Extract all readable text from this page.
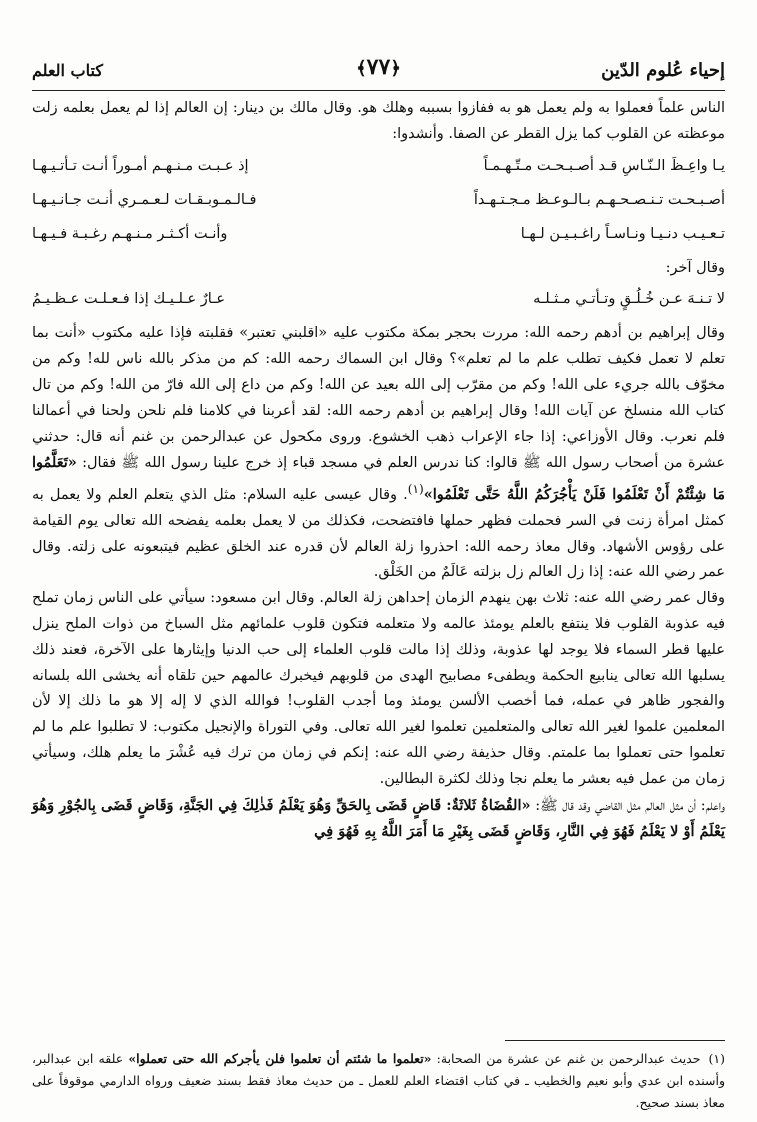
إحياء عُلوم الدّين
﴿٧٧﴾
كتاب العلم

الناس علماً فعملوا به ولم يعمل هو به ففازوا بسببه وهلك هو. وقال مالك بن دينار: إن العالم إذا لم يعمل بعلمه زلت موعظته عن القلوب كما يزل القطر عن الصفا. وأنشدوا:

يـا واعِـظَ الـنّـاسِ قـد أصـبـحـت مـتّـهـمـاً
إذ عـبـت مـنـهـم أمـوراً أنـت تـأتـيـهـا
أصـبـحـت تـنـصـحـهـم بـالـوعـظ مـجـتـهـداً
فـالـمـوبـقـات لـعـمـري أنـت جـانـيـهـا
تـعـيـب دنـيـا ونـاسـاً راغـبـيـن لـهـا
وأنـت أكـثـر مـنـهـم رغـبـة فـيـهـا

وقال آخر:

لا تـنـهَ عـن خُـلُـقٍ وتـأتـي مـثـلـه
عـارٌ عـلـيـك إذا فـعـلـت عـظـيـمُ

وقال إبراهيم بن أدهم رحمه الله: مررت بحجر بمكة مكتوب عليه «اقلبني تعتبر» فقلبته فإذا عليه مكتوب «أنت بما تعلم لا تعمل فكيف تطلب علم ما لم تعلم»؟ وقال ابن السماك رحمه الله: كم من مذكر بالله ناس لله! وكم من مخوّف بالله جريء على الله! وكم من مقرّب إلى الله بعيد عن الله! وكم من داع إلى الله فارّ من الله! وكم من تال كتاب الله منسلخ عن آيات الله! وقال إبراهيم بن أدهم رحمه الله: لقد أعربنا في كلامنا فلم نلحن ولحنا في أعمالنا فلم نعرب. وقال الأوزاعي: إذا جاء الإعراب ذهب الخشوع. وروى مكحول عن عبدالرحمن بن غنم أنه قال: حدثني عشرة من أصحاب رسول الله ﷺ قالوا: كنا ندرس العلم في مسجد قباء إذ خرج علينا رسول الله ﷺ فقال: «تَعَلَّمُوا مَا شِئْتُمْ أَنْ تَعْلَمُوا فَلَنْ يَأْجُرَكُمُ اللَّهُ حَتَّى تَعْلَمُوا»$^{(١)}$. وقال عيسى عليه السلام: مثل الذي يتعلم العلم ولا يعمل به كمثل امرأة زنت في السر فحملت فظهر حملها فافتضحت، فكذلك من لا يعمل بعلمه يفضحه الله تعالى يوم القيامة على رؤوس الأشهاد. وقال معاذ رحمه الله: احذروا زلة العالم لأن قدره عند الخلق عظيم فيتبعونه على زلته. وقال عمر رضي الله عنه: إذا زل العالم زل بزلته عَالَمٌ من الخَلْق.

وقال عمر رضي الله عنه: ثلاث بهن ينهدم الزمان إحداهن زلة العالم. وقال ابن مسعود: سيأتي على الناس زمان تملح فيه عذوبة القلوب فلا ينتفع بالعلم يومئذ عالمه ولا متعلمه فتكون قلوب علمائهم مثل السباخ من ذوات الملح ينزل عليها قطر السماء فلا يوجد لها عذوبة، وذلك إذا مالت قلوب العلماء إلى حب الدنيا وإيثارها على الآخرة، فعند ذلك يسلبها الله تعالى ينابيع الحكمة ويطفىء مصابيح الهدى من قلوبهم فيخبرك عالمهم حين تلقاه أنه يخشى الله بلسانه والفجور ظاهر في عمله، فما أخصب الألسن يومئذ وما أجدب القلوب! فوالله الذي لا إله إلا هو ما ذلك إلا لأن المعلمين علموا لغير الله تعالى والمتعلمين تعلموا لغير الله تعالى. وفي التوراة والإنجيل مكتوب: لا تطلبوا علم ما لم تعلموا حتى تعملوا بما علمتم. وقال حذيفة رضي الله عنه: إنكم في زمان من ترك فيه عُشْرَ ما يعلم هلك، وسيأتي زمان من عمل فيه بعشر ما يعلم نجا وذلك لكثرة البطالين.

واعلم: أن مثل العالم مثل القاضي وقد قال ﷺ: «القُضَاةُ ثَلاثَةٌ: قَاضٍ قَضَى بِالحَقِّ وَهُوَ يَعْلَمُ فَذٰلِكَ فِي الجَنَّةِ، وَقَاضٍ قَضَى بِالجُوْرِ وَهُوَ يَعْلَمُ أَوْ لا يَعْلَمُ فَهُوَ فِي النَّارِ، وَقَاضٍ قَضَى بِغَيْرِ مَا أَمَرَ اللَّهُ بِهِ فَهُوَ فِي

(١)حديث عبدالرحمن بن غنم عن عشرة من الصحابة: «تعلموا ما شئتم أن تعلموا فلن يأجركم الله حتى تعملوا» علقه ابن عبدالبر، وأسنده ابن عدي وأبو نعيم والخطيب ـ في كتاب اقتضاء العلم للعمل ـ من حديث معاذ فقط بسند ضعيف ورواه الدارمي موقوفاً على معاذ بسند صحيح.
